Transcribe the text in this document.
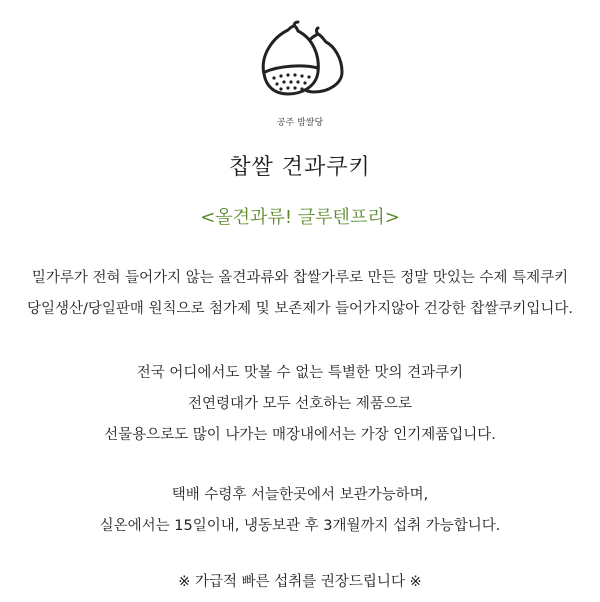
공주 밤쌀당
찹쌀 견과쿠키
<올견과류! 글루텐프리>
밀가루가 전혀 들어가지 않는 올견과류와 찹쌀가루로 만든 정말 맛있는 수제 특제쿠키
당일생산/당일판매 원칙으로 첨가제 및 보존제가 들어가지않아 건강한 찹쌀쿠키입니다.
전국 어디에서도 맛볼 수 없는 특별한 맛의 견과쿠키
전연령대가 모두 선호하는 제품으로
선물용으로도 많이 나가는 매장내에서는 가장 인기제품입니다.
택배 수령후 서늘한곳에서 보관가능하며,
실온에서는 15일이내, 냉동보관 후 3개월까지 섭취 가능합니다.
※ 가급적 빠른 섭취를 권장드립니다 ※
